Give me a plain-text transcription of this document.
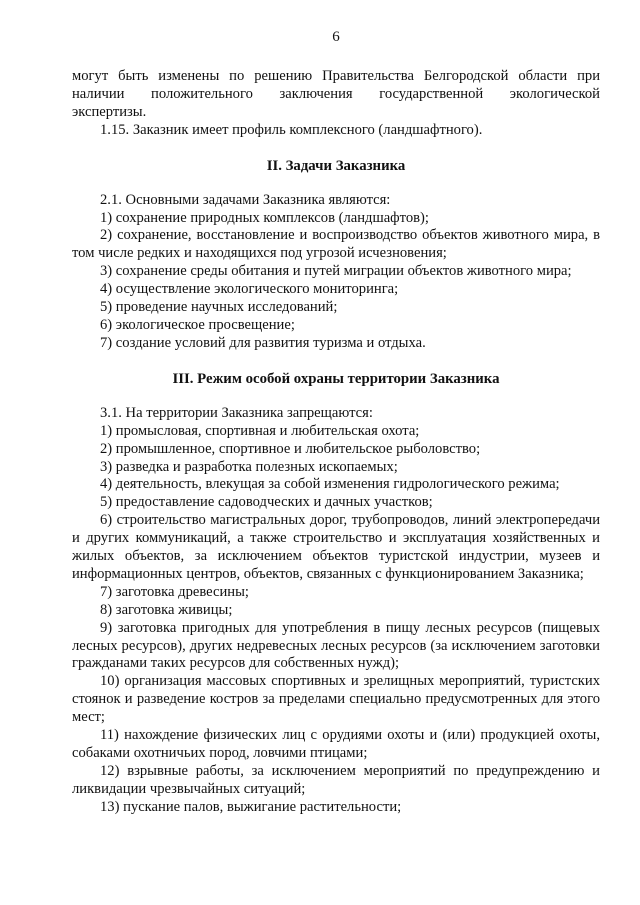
6

могут быть изменены по решению Правительства Белгородской области при

наличии положительного заключения государственной экологической

экспертизы.

1.15. Заказник имеет профиль комплексного (ландшафтного).

II. Задачи Заказника

2.1. Основными задачами Заказника являются:

1) сохранение природных комплексов (ландшафтов);

2) сохранение, восстановление и воспроизводство объектов животного мира, в том числе редких и находящихся под угрозой исчезновения;

3) сохранение среды обитания и путей миграции объектов животного мира;

4) осуществление экологического мониторинга;

5) проведение научных исследований;

6) экологическое просвещение;

7) создание условий для развития туризма и отдыха.

III. Режим особой охраны территории Заказника

3.1. На территории Заказника запрещаются:

1) промысловая, спортивная и любительская охота;

2) промышленное, спортивное и любительское рыболовство;

3) разведка и разработка полезных ископаемых;

4) деятельность, влекущая за собой изменения гидрологического режима;

5) предоставление садоводческих и дачных участков;

6) строительство магистральных дорог, трубопроводов, линий электропередачи и других коммуникаций, а также строительство и эксплуатация хозяйственных и жилых объектов, за исключением объектов туристской индустрии, музеев и информационных центров, объектов, связанных с функционированием Заказника;

7) заготовка древесины;

8) заготовка живицы;

9) заготовка пригодных для употребления в пищу лесных ресурсов (пищевых лесных ресурсов), других недревесных лесных ресурсов (за исключением заготовки гражданами таких ресурсов для собственных нужд);

10) организация массовых спортивных и зрелищных мероприятий, туристских стоянок и разведение костров за пределами специально предусмотренных для этого мест;

11) нахождение физических лиц с орудиями охоты и (или) продукцией охоты, собаками охотничьих пород, ловчими птицами;

12) взрывные работы, за исключением мероприятий по предупреждению и ликвидации чрезвычайных ситуаций;

13) пускание палов, выжигание растительности;
